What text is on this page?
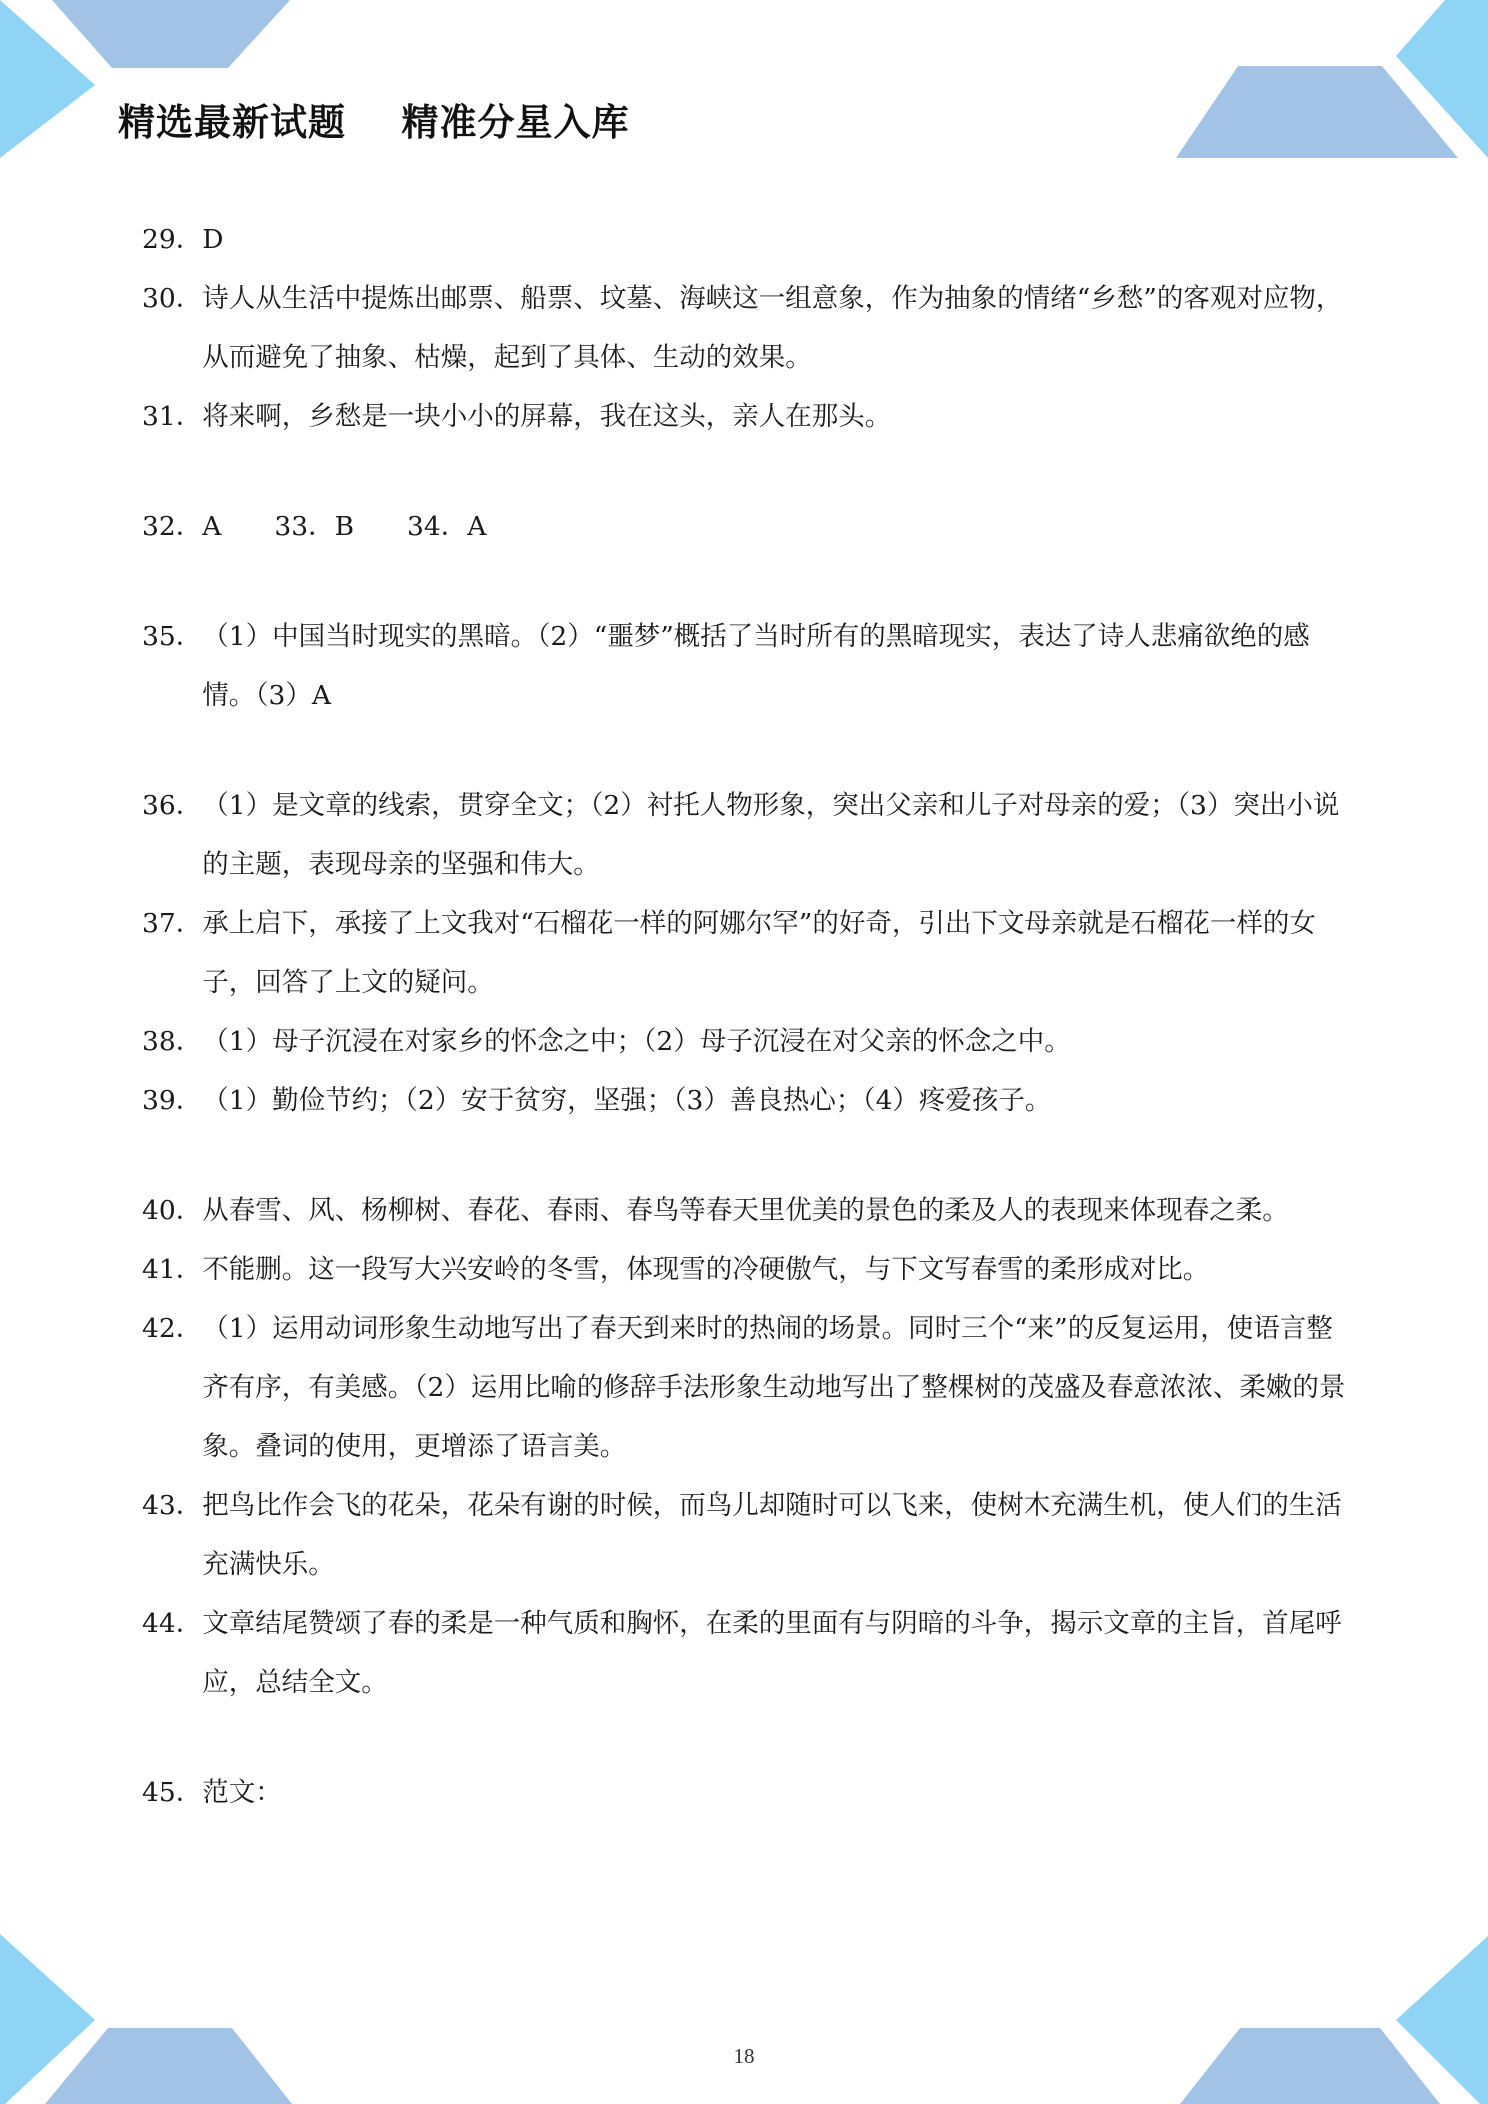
精选最新试题    精准分星入库
29． D
30． 诗人从生活中提炼出邮票、船票、坟墓、海峡这一组意象，作为抽象的情绪“乡愁”的客观对应物，从而避免了抽象、枯燥，起到了具体、生动的效果。
31． 将来啊，乡愁是一块小小的屏幕，我在这头，亲人在那头。
32．A　　33．B　　34．A
35． （1）中国当时现实的黑暗。（2）“噩梦”概括了当时所有的黑暗现实，表达了诗人悲痛欲绝的感情。（3）A
36． （1）是文章的线索，贯穿全文；（2）衬托人物形象，突出父亲和儿子对母亲的爱；（3）突出小说的主题，表现母亲的坚强和伟大。
37． 承上启下，承接了上文我对“石榴花一样的阿娜尔罕”的好奇，引出下文母亲就是石榴花一样的女子，回答了上文的疑问。
38． （1）母子沉浸在对家乡的怀念之中；（2）母子沉浸在对父亲的怀念之中。
39． （1）勤俭节约；（2）安于贫穷，坚强；（3）善良热心；（4）疼爱孩子。
40． 从春雪、风、杨柳树、春花、春雨、春鸟等春天里优美的景色的柔及人的表现来体现春之柔。
41． 不能删。这一段写大兴安岭的冬雪，体现雪的冷硬傲气，与下文写春雪的柔形成对比。
42． （1）运用动词形象生动地写出了春天到来时的热闹的场景。同时三个“来”的反复运用，使语言整齐有序，有美感。（2）运用比喻的修辞手法形象生动地写出了整棵树的茂盛及春意浓浓、柔嫩的景象。叠词的使用，更增添了语言美。
43． 把鸟比作会飞的花朵，花朵有谢的时候，而鸟儿却随时可以飞来，使树木充满生机，使人们的生活充满快乐。
44． 文章结尾赞颂了春的柔是一种气质和胸怀，在柔的里面有与阴暗的斗争，揭示文章的主旨，首尾呼应，总结全文。
45． 范文：
18
